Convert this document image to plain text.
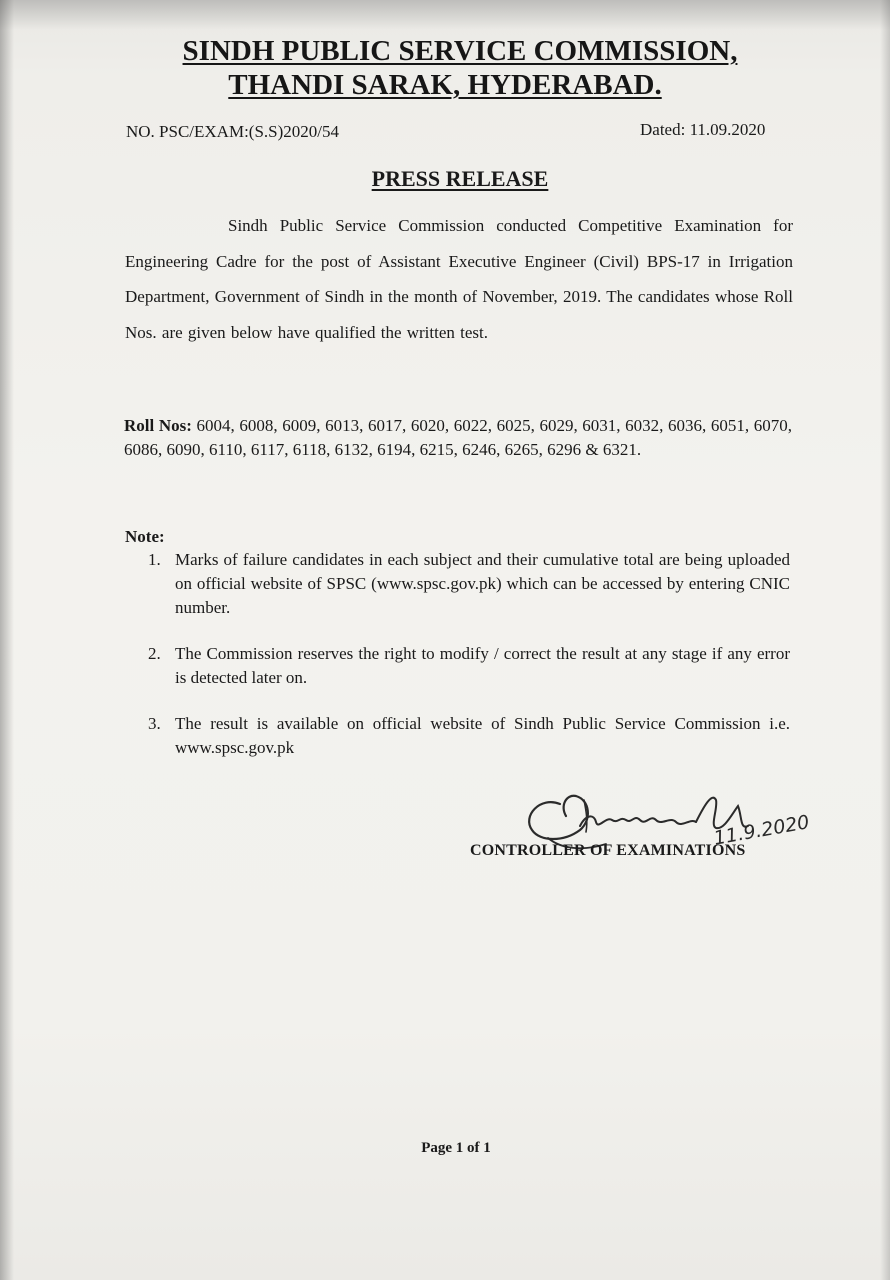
SINDH PUBLIC SERVICE COMMISSION,
THANDI SARAK, HYDERABAD.
NO. PSC/EXAM:(S.S)2020/54	Dated: 11.09.2020
PRESS RELEASE
Sindh Public Service Commission conducted Competitive Examination for Engineering Cadre for the post of Assistant Executive Engineer (Civil) BPS-17 in Irrigation Department, Government of Sindh in the month of November, 2019. The candidates whose Roll Nos. are given below have qualified the written test.
Roll Nos: 6004, 6008, 6009, 6013, 6017, 6020, 6022, 6025, 6029, 6031, 6032, 6036, 6051, 6070, 6086, 6090, 6110, 6117, 6118, 6132, 6194, 6215, 6246, 6265, 6296 & 6321.
Note:
1. Marks of failure candidates in each subject and their cumulative total are being uploaded on official website of SPSC (www.spsc.gov.pk) which can be accessed by entering CNIC number.
2. The Commission reserves the right to modify / correct the result at any stage if any error is detected later on.
3. The result is available on official website of Sindh Public Service Commission i.e. www.spsc.gov.pk
CONTROLLER OF EXAMINATIONS
11.9.2020
Page 1 of 1
